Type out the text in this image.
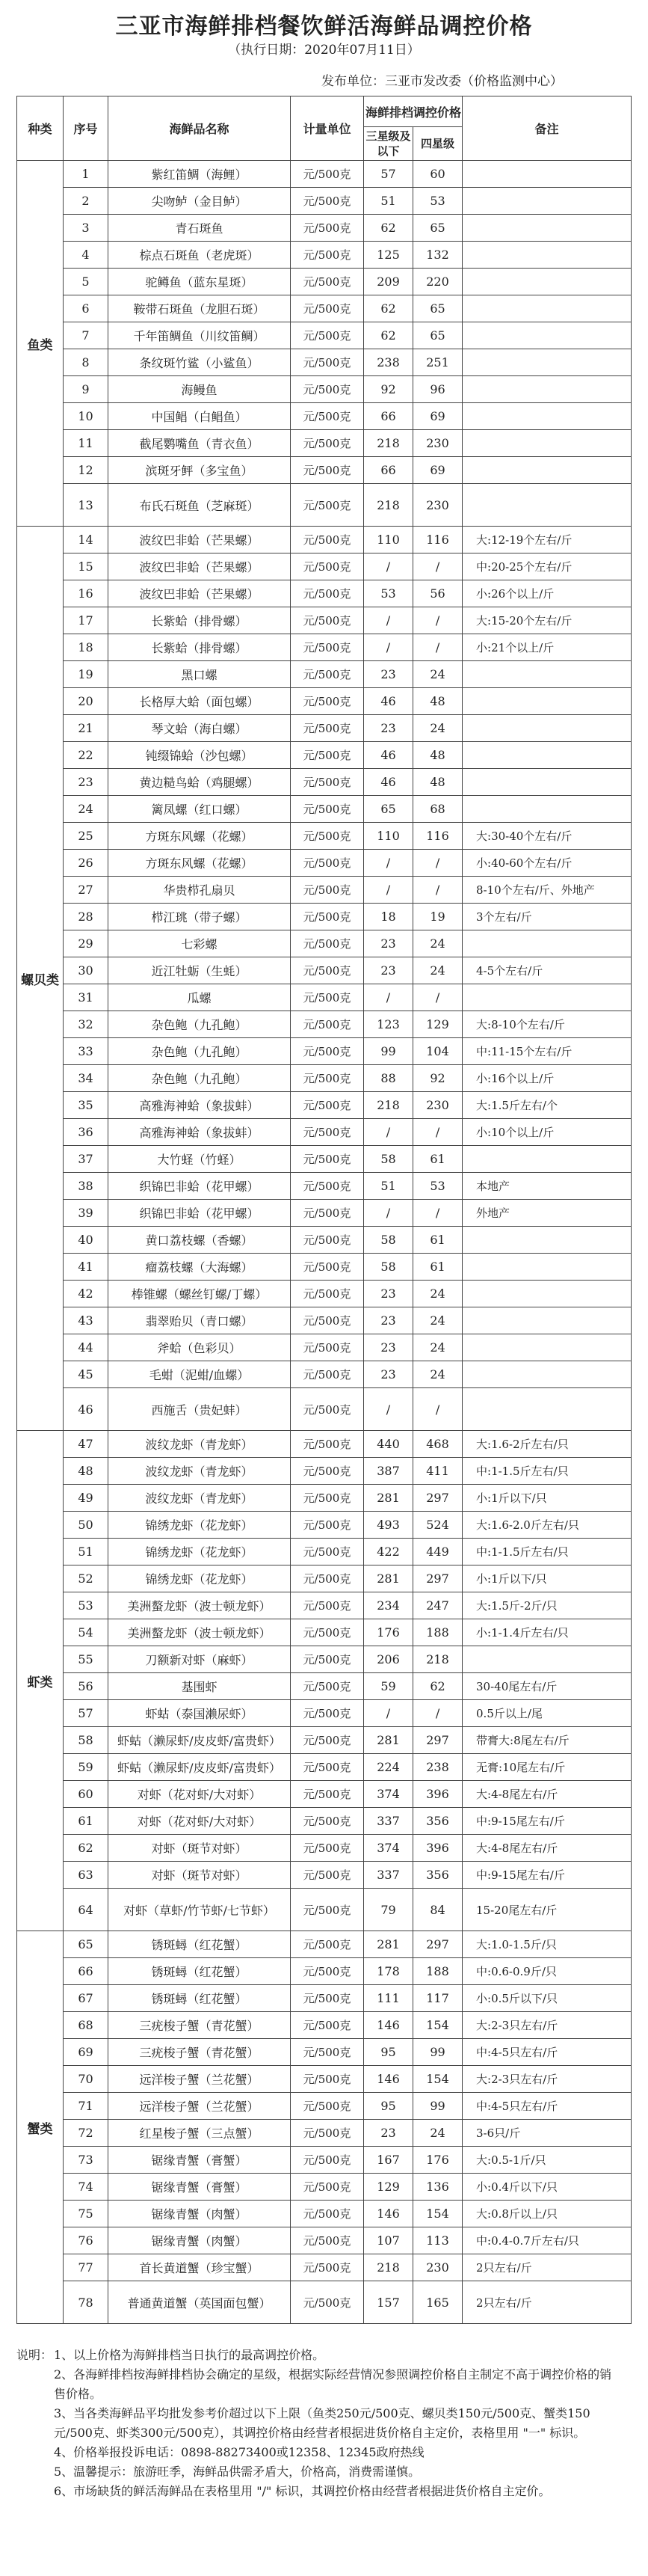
三亚市海鲜排档餐饮鲜活海鲜品调控价格
（执行日期：2020年07月11日）
发布单位：三亚市发改委（价格监测中心）
种类	序号	海鲜品名称	计量单位	海鲜排档调控价格		备注
				三星级及以下	四星级	
鱼类	1	紫红笛鲷（海鲤）	元/500克	57	60	
	2	尖吻鲈（金目鲈）	元/500克	51	53	
	3	青石斑鱼	元/500克	62	65	
	4	棕点石斑鱼（老虎斑）	元/500克	125	132	
	5	驼鳟鱼（蓝东星斑）	元/500克	209	220	
	6	鞍带石斑鱼（龙胆石斑）	元/500克	62	65	
	7	千年笛鲷鱼（川纹笛鲷）	元/500克	62	65	
	8	条纹斑竹鲨（小鲨鱼）	元/500克	238	251	
	9	海鳗鱼	元/500克	92	96	
	10	中国鲳（白鲳鱼）	元/500克	66	69	
	11	截尾鹦嘴鱼（青衣鱼）	元/500克	218	230	
	12	滨斑牙鲆（多宝鱼）	元/500克	66	69	
	13	布氏石斑鱼（芝麻斑）	元/500克	218	230	
螺贝类	14	波纹巴非蛤（芒果螺）	元/500克	110	116	大:12-19个左右/斤
	15	波纹巴非蛤（芒果螺）	元/500克	/	/	中:20-25个左右/斤
	16	波纹巴非蛤（芒果螺）	元/500克	53	56	小:26个以上/斤
	17	长紫蛤（排骨螺）	元/500克	/	/	大:15-20个左右/斤
	18	长紫蛤（排骨螺）	元/500克	/	/	小:21个以上/斤
	19	黑口螺	元/500克	23	24	
	20	长格厚大蛤（面包螺）	元/500克	46	48	
	21	琴文蛤（海白螺）	元/500克	23	24	
	22	钝缀锦蛤（沙包螺）	元/500克	46	48	
	23	黄边糙鸟蛤（鸡腿螺）	元/500克	46	48	
	24	篱凤螺（红口螺）	元/500克	65	68	
	25	方斑东风螺（花螺）	元/500克	110	116	大:30-40个左右/斤
	26	方斑东风螺（花螺）	元/500克	/	/	小:40-60个左右/斤
	27	华贵栉孔扇贝	元/500克	/	/	8-10个左右/斤、外地产
	28	栉江珧（带子螺）	元/500克	18	19	3个左右/斤
	29	七彩螺	元/500克	23	24	
	30	近江牡蛎（生蚝）	元/500克	23	24	4-5个左右/斤
	31	瓜螺	元/500克	/	/	
	32	杂色鲍（九孔鲍）	元/500克	123	129	大:8-10个左右/斤
	33	杂色鲍（九孔鲍）	元/500克	99	104	中:11-15个左右/斤
	34	杂色鲍（九孔鲍）	元/500克	88	92	小:16个以上/斤
	35	高雅海神蛤（象拔蚌）	元/500克	218	230	大:1.5斤左右/个
	36	高雅海神蛤（象拔蚌）	元/500克	/	/	小:10个以上/斤
	37	大竹蛏（竹蛏）	元/500克	58	61	
	38	织锦巴非蛤（花甲螺）	元/500克	51	53	本地产
	39	织锦巴非蛤（花甲螺）	元/500克	/	/	外地产
	40	黄口荔枝螺（香螺）	元/500克	58	61	
	41	瘤荔枝螺（大海螺）	元/500克	58	61	
	42	棒锥螺（螺丝钉螺/丁螺）	元/500克	23	24	
	43	翡翠贻贝（青口螺）	元/500克	23	24	
	44	斧蛤（色彩贝）	元/500克	23	24	
	45	毛蚶（泥蚶/血螺）	元/500克	23	24	
	46	西施舌（贵妃蚌）	元/500克	/	/	
虾类	47	波纹龙虾（青龙虾）	元/500克	440	468	大:1.6-2斤左右/只
	48	波纹龙虾（青龙虾）	元/500克	387	411	中:1-1.5斤左右/只
	49	波纹龙虾（青龙虾）	元/500克	281	297	小:1斤以下/只
	50	锦绣龙虾（花龙虾）	元/500克	493	524	大:1.6-2.0斤左右/只
	51	锦绣龙虾（花龙虾）	元/500克	422	449	中:1-1.5斤左右/只
	52	锦绣龙虾（花龙虾）	元/500克	281	297	小:1斤以下/只
	53	美洲螯龙虾（波士顿龙虾）	元/500克	234	247	大:1.5斤-2斤/只
	54	美洲螯龙虾（波士顿龙虾）	元/500克	176	188	小:1-1.4斤左右/只
	55	刀额新对虾（麻虾）	元/500克	206	218	
	56	基围虾	元/500克	59	62	30-40尾左右/斤
	57	虾蛄（泰国濑尿虾）	元/500克	/	/	0.5斤以上/尾
	58	虾蛄（濑尿虾/皮皮虾/富贵虾）	元/500克	281	297	带膏大:8尾左右/斤
	59	虾蛄（濑尿虾/皮皮虾/富贵虾）	元/500克	224	238	无膏:10尾左右/斤
	60	对虾（花对虾/大对虾）	元/500克	374	396	大:4-8尾左右/斤
	61	对虾（花对虾/大对虾）	元/500克	337	356	中:9-15尾左右/斤
	62	对虾（斑节对虾）	元/500克	374	396	大:4-8尾左右/斤
	63	对虾（斑节对虾）	元/500克	337	356	中:9-15尾左右/斤
	64	对虾（草虾/竹节虾/七节虾）	元/500克	79	84	15-20尾左右/斤
蟹类	65	锈斑蟳（红花蟹）	元/500克	281	297	大:1.0-1.5斤/只
	66	锈斑蟳（红花蟹）	元/500克	178	188	中:0.6-0.9斤/只
	67	锈斑蟳（红花蟹）	元/500克	111	117	小:0.5斤以下/只
	68	三疣梭子蟹（青花蟹）	元/500克	146	154	大:2-3只左右/斤
	69	三疣梭子蟹（青花蟹）	元/500克	95	99	中:4-5只左右/斤
	70	远洋梭子蟹（兰花蟹）	元/500克	146	154	大:2-3只左右/斤
	71	远洋梭子蟹（兰花蟹）	元/500克	95	99	中:4-5只左右/斤
	72	红星梭子蟹（三点蟹）	元/500克	23	24	3-6只/斤
	73	锯缘青蟹（膏蟹）	元/500克	167	176	大:0.5-1斤/只
	74	锯缘青蟹（膏蟹）	元/500克	129	136	小:0.4斤以下/只
	75	锯缘青蟹（肉蟹）	元/500克	146	154	大:0.8斤以上/只
	76	锯缘青蟹（肉蟹）	元/500克	107	113	中:0.4-0.7斤左右/只
	77	首长黄道蟹（珍宝蟹）	元/500克	218	230	2只左右/斤
	78	普通黄道蟹（英国面包蟹）	元/500克	157	165	2只左右/斤
说明： 1、以上价格为海鲜排档当日执行的最高调控价格。
2、各海鲜排档按海鲜排档协会确定的星级，根据实际经营情况参照调控价格自主制定不高于调控价格的销售价格。
3、当各类海鲜品平均批发参考价超过以下上限（鱼类250元/500克、螺贝类150元/500克、蟹类150元/500克、虾类300元/500克），其调控价格由经营者根据进货价格自主定价，表格里用 "一" 标识。
4、价格举报投诉电话：0898-88273400或12358、12345政府热线
5、温馨提示：旅游旺季，海鲜品供需矛盾大，价格高，消费需谨慎。
6、市场缺货的鲜活海鲜品在表格里用 "/" 标识，其调控价格由经营者根据进货价格自主定价。
